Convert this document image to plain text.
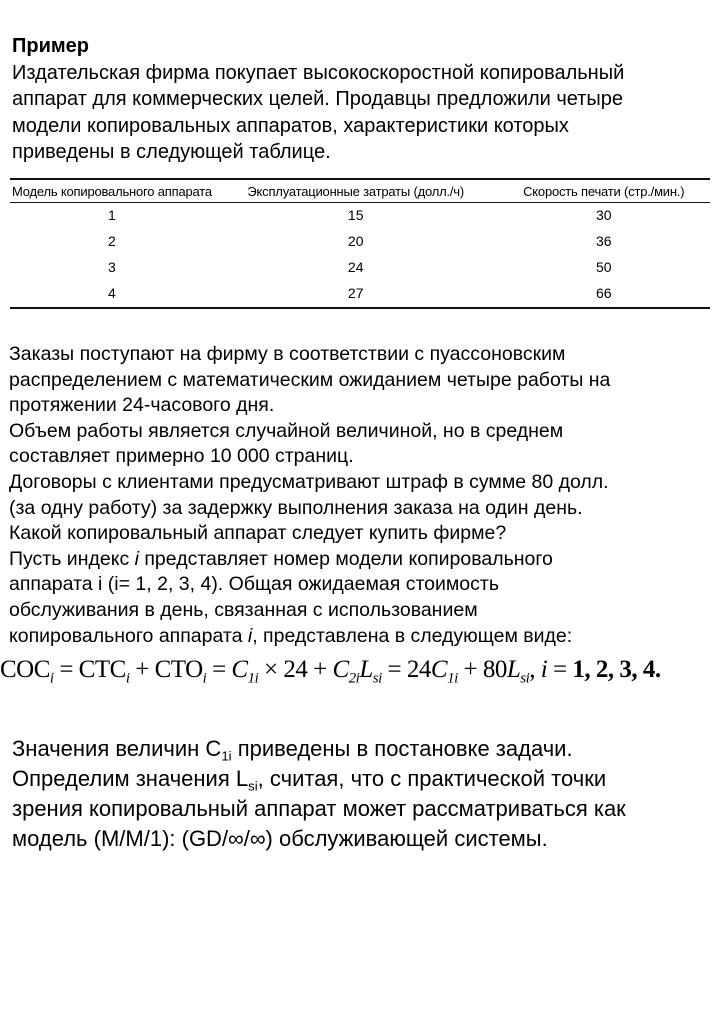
Пример
Издательская фирма покупает высокоскоростной копировальный
аппарат для коммерческих целей. Продавцы предложили четыре
модели копировальных аппаратов, характеристики которых
приведены в следующей таблице.
Модель копировального аппарата	Эксплуатационные затраты (долл./ч)	Скорость печати (стр./мин.)
1	15	30
2	20	36
3	24	50
4	27	66
Заказы поступают на фирму в соответствии с пуассоновским
распределением с математическим ожиданием четыре работы на
протяжении 24-часового дня.
Объем работы является случайной величиной, но в среднем
составляет примерно 10 000 страниц.
Договоры с клиентами предусматривают штраф в сумме 80 долл.
(за одну работу) за задержку выполнения заказа на один день.
Какой копировальный аппарат следует купить фирме?
Пусть индекс i представляет номер модели копировального
аппарата i (i= 1, 2, 3, 4). Общая ожидаемая стоимость
обслуживания в день, связанная с использованием
копировального аппарата i, представлена в следующем виде:
$COC_i = CTC_i + CTO_i = C_{1i} \times 24 + C_{2i}L_{si} = 24C_{1i} + 80L_{si}$, i = 1, 2, 3, 4.
Значения величин $С_{1i}$ приведены в постановке задачи.
Определим значения $L_{si}$, считая, что с практической точки
зрения копировальный аппарат может рассматриваться как
модель (М/М/1): (GD/∞/∞) обслуживающей системы.
